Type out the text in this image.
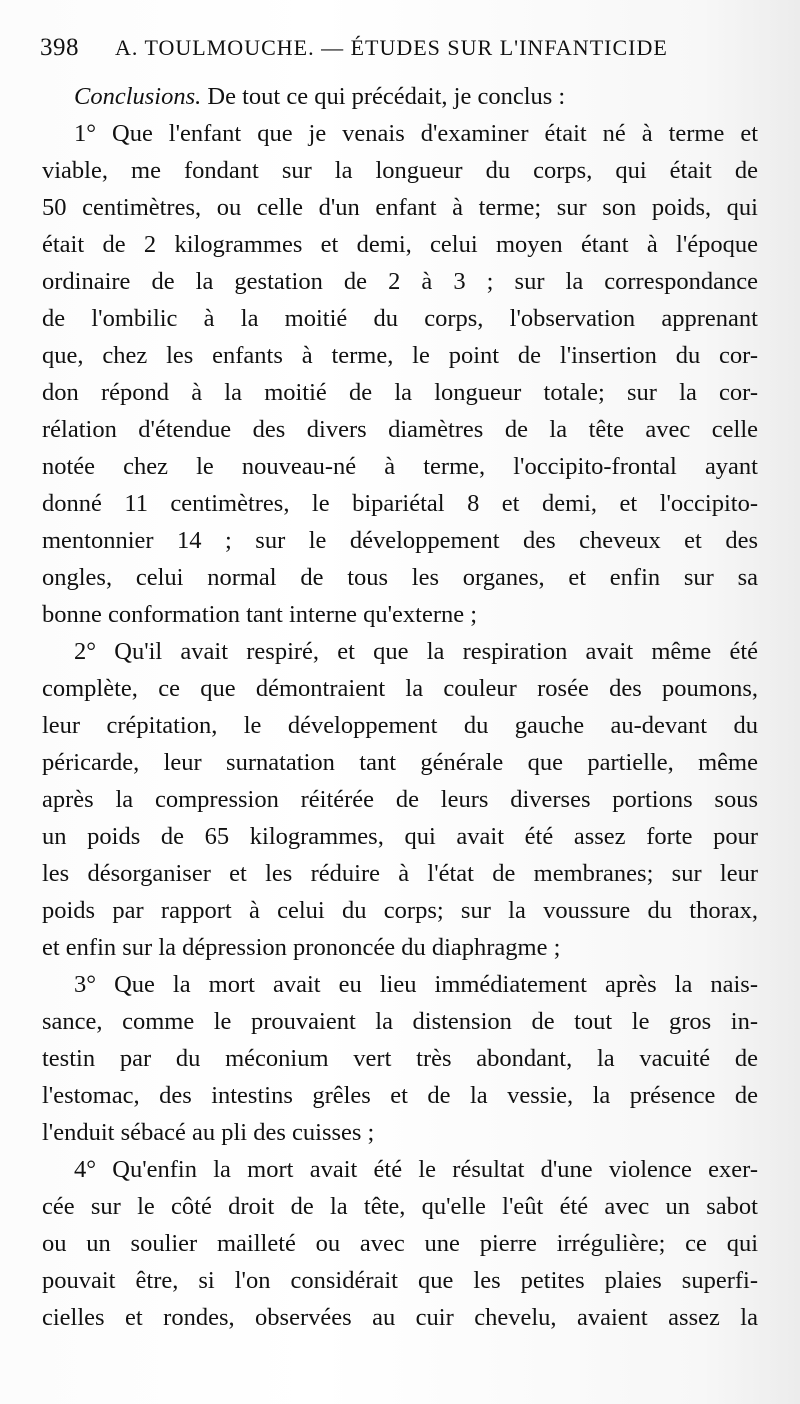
398 A. TOULMOUCHE. — ÉTUDES SUR L'INFANTICIDE
Conclusions. De tout ce qui précédait, je conclus :
1° Que l'enfant que je venais d'examiner était né à terme et
viable, me fondant sur la longueur du corps, qui était de
50 centimètres, ou celle d'un enfant à terme; sur son poids, qui
était de 2 kilogrammes et demi, celui moyen étant à l'époque
ordinaire de la gestation de 2 à 3 ; sur la correspondance
de l'ombilic à la moitié du corps, l'observation apprenant
que, chez les enfants à terme, le point de l'insertion du cor-
don répond à la moitié de la longueur totale; sur la cor-
rélation d'étendue des divers diamètres de la tête avec celle
notée chez le nouveau-né à terme, l'occipito-frontal ayant
donné 11 centimètres, le bipariétal 8 et demi, et l'occipito-
mentonnier 14 ; sur le développement des cheveux et des
ongles, celui normal de tous les organes, et enfin sur sa
bonne conformation tant interne qu'externe ;
2° Qu'il avait respiré, et que la respiration avait même été
complète, ce que démontraient la couleur rosée des poumons,
leur crépitation, le développement du gauche au-devant du
péricarde, leur surnatation tant générale que partielle, même
après la compression réitérée de leurs diverses portions sous
un poids de 65 kilogrammes, qui avait été assez forte pour
les désorganiser et les réduire à l'état de membranes; sur leur
poids par rapport à celui du corps; sur la voussure du thorax,
et enfin sur la dépression prononcée du diaphragme ;
3° Que la mort avait eu lieu immédiatement après la nais-
sance, comme le prouvaient la distension de tout le gros in-
testin par du méconium vert très abondant, la vacuité de
l'estomac, des intestins grêles et de la vessie, la présence de
l'enduit sébacé au pli des cuisses ;
4° Qu'enfin la mort avait été le résultat d'une violence exer-
cée sur le côté droit de la tête, qu'elle l'eût été avec un sabot
ou un soulier mailleté ou avec une pierre irrégulière; ce qui
pouvait être, si l'on considérait que les petites plaies superfi-
cielles et rondes, observées au cuir chevelu, avaient assez la
